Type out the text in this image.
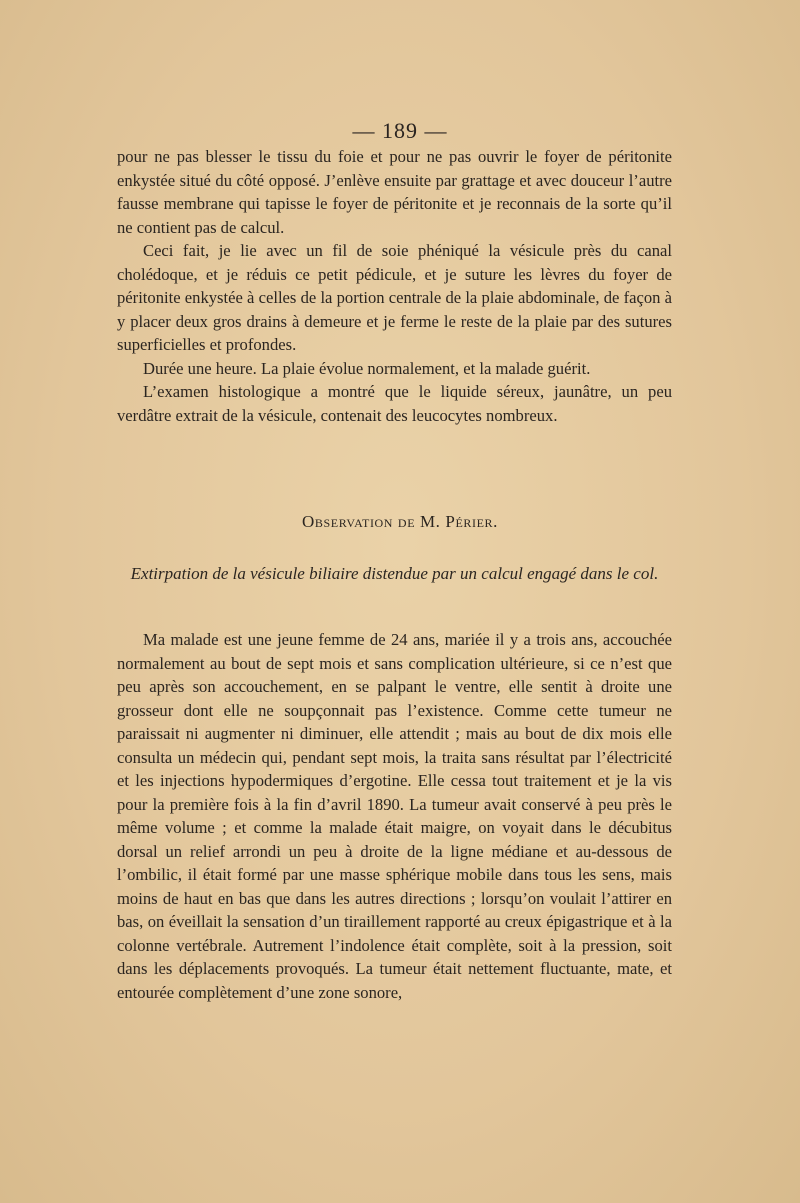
— 189 —

pour ne pas blesser le tissu du foie et pour ne pas ouvrir le foyer de péritonite enkystée situé du côté opposé. J’enlève ensuite par grattage et avec douceur l’autre fausse membrane qui tapisse le foyer de péritonite et je reconnais de la sorte qu’il ne contient pas de calcul.

Ceci fait, je lie avec un fil de soie phéniqué la vésicule près du canal cholédoque, et je réduis ce petit pédicule, et je suture les lèvres du foyer de péritonite enkystée à celles de la portion centrale de la plaie abdominale, de façon à y placer deux gros drains à demeure et je ferme le reste de la plaie par des sutures superficielles et profondes.

Durée une heure. La plaie évolue normalement, et la malade guérit.

L’examen histologique a montré que le liquide séreux, jaunâtre, un peu verdâtre extrait de la vésicule, contenait des leucocytes nombreux.

Observation de M. Périer.
Extirpation de la vésicule biliaire distendue par un calcul engagé dans le col.

Ma malade est une jeune femme de 24 ans, mariée il y a trois ans, accouchée normalement au bout de sept mois et sans complication ultérieure, si ce n’est que peu après son accouchement, en se palpant le ventre, elle sentit à droite une grosseur dont elle ne soupçonnait pas l’existence. Comme cette tumeur ne paraissait ni augmenter ni diminuer, elle attendit ; mais au bout de dix mois elle consulta un médecin qui, pendant sept mois, la traita sans résultat par l’électricité et les injections hypodermiques d’ergotine. Elle cessa tout traitement et je la vis pour la première fois à la fin d’avril 1890. La tumeur avait conservé à peu près le même volume ; et comme la malade était maigre, on voyait dans le décubitus dorsal un relief arrondi un peu à droite de la ligne médiane et au-dessous de l’ombilic, il était formé par une masse sphérique mobile dans tous les sens, mais moins de haut en bas que dans les autres directions ; lorsqu’on voulait l’attirer en bas, on éveillait la sensation d’un tiraillement rapporté au creux épigastrique et à la colonne vertébrale. Autrement l’indolence était complète, soit à la pression, soit dans les déplacements provoqués. La tumeur était nettement fluctuante, mate, et entourée complètement d’une zone sonore,
